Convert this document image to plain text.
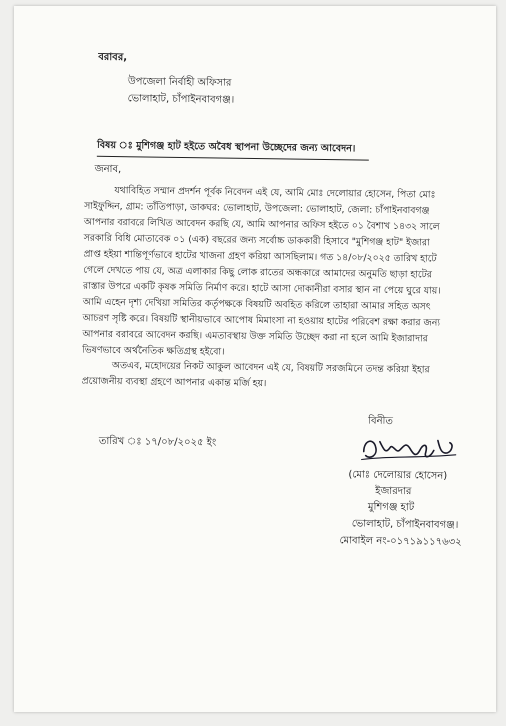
বরাবর,
উপজেলা নির্বাহী অফিসার
ভোলাহাট, চাঁপাইনবাবগঞ্জ।
বিষয় ঃ মুশিগঞ্জ হাট হইতে অবৈধ স্থাপনা উচ্ছেদের জন্য আবেদন।
জনাব,
যথাবিহিত সম্মান প্রদর্শন পূর্বক নিবেদন এই যে, আমি মোঃ দেলোয়ার হোসেন, পিতা মোঃ
সাইফুদ্দিন, গ্রাম: তাঁতিপাড়া, ডাকঘর: ভোলাহাট, উপজেলা: ভোলাহাট, জেলা: চাঁপাইনবাবগঞ্জ
আপনার বরাবরে লিখিত আবেদন করছি যে, আমি আপনার অফিস হইতে ০১ বৈশাখ ১৪৩২ সালে
সরকারি বিধি মোতাবেক ০১ (এক) বছরের জন্য সর্বোচ্চ ডাককারী হিসাবে "মুশিগঞ্জ হাট" ইজারা
প্রাপ্ত হইয়া শান্তিপূর্ণভাবে হাটের খাজনা গ্রহণ করিয়া আসছিলাম। গত ১৪/০৮/২০২৫ তারিখ হাটে
গেলে দেখতে পায় যে, অত্র এলাকার কিছু লোক রাতের অন্ধকারে আমাদের অনুমতি ছাড়া হাটের
রাস্তার উপরে একটি কৃষক সমিতি নির্মাণ করে। হাটে আসা দোকানীরা বসার স্থান না পেয়ে ঘুরে যায়।
আমি এহেন দৃশ্য দেখিয়া সমিতির কর্তৃপক্ষকে বিষয়টি অবহিত করিলে তাহারা আমার সহিত অসৎ
আচরণ সৃষ্টি করে। বিষয়টি স্থানীয়ভাবে আপোষ মিমাংসা না হওয়ায় হাটের পরিবেশ রক্ষা করার জন্য
আপনার বরাবরে আবেদন করছি। এমতাবস্থায় উক্ত সমিতি উচ্ছেদ করা না হলে আমি ইজারাদার
ভিষণভাবে অর্থনৈতিক ক্ষতিগ্রস্থ হইবো।
অতএব, মহোদয়ের নিকট আকুল আবেদন এই যে, বিষয়টি সরজমিনে তদন্ত করিয়া ইহার
প্রয়োজনীয় ব্যবস্থা গ্রহণে আপনার একান্ত মর্জি হয়।
বিনীত
তারিখ ঃ ১৭/০৮/২০২৫ ইং
(মোঃ দেলোয়ার হোসেন)
ইজারদার
মুশিগঞ্জ হাট
ভোলাহাট, চাঁপাইনবাবগঞ্জ।
মোবাইল নং-০১৭১৯১১৭৬৩২
